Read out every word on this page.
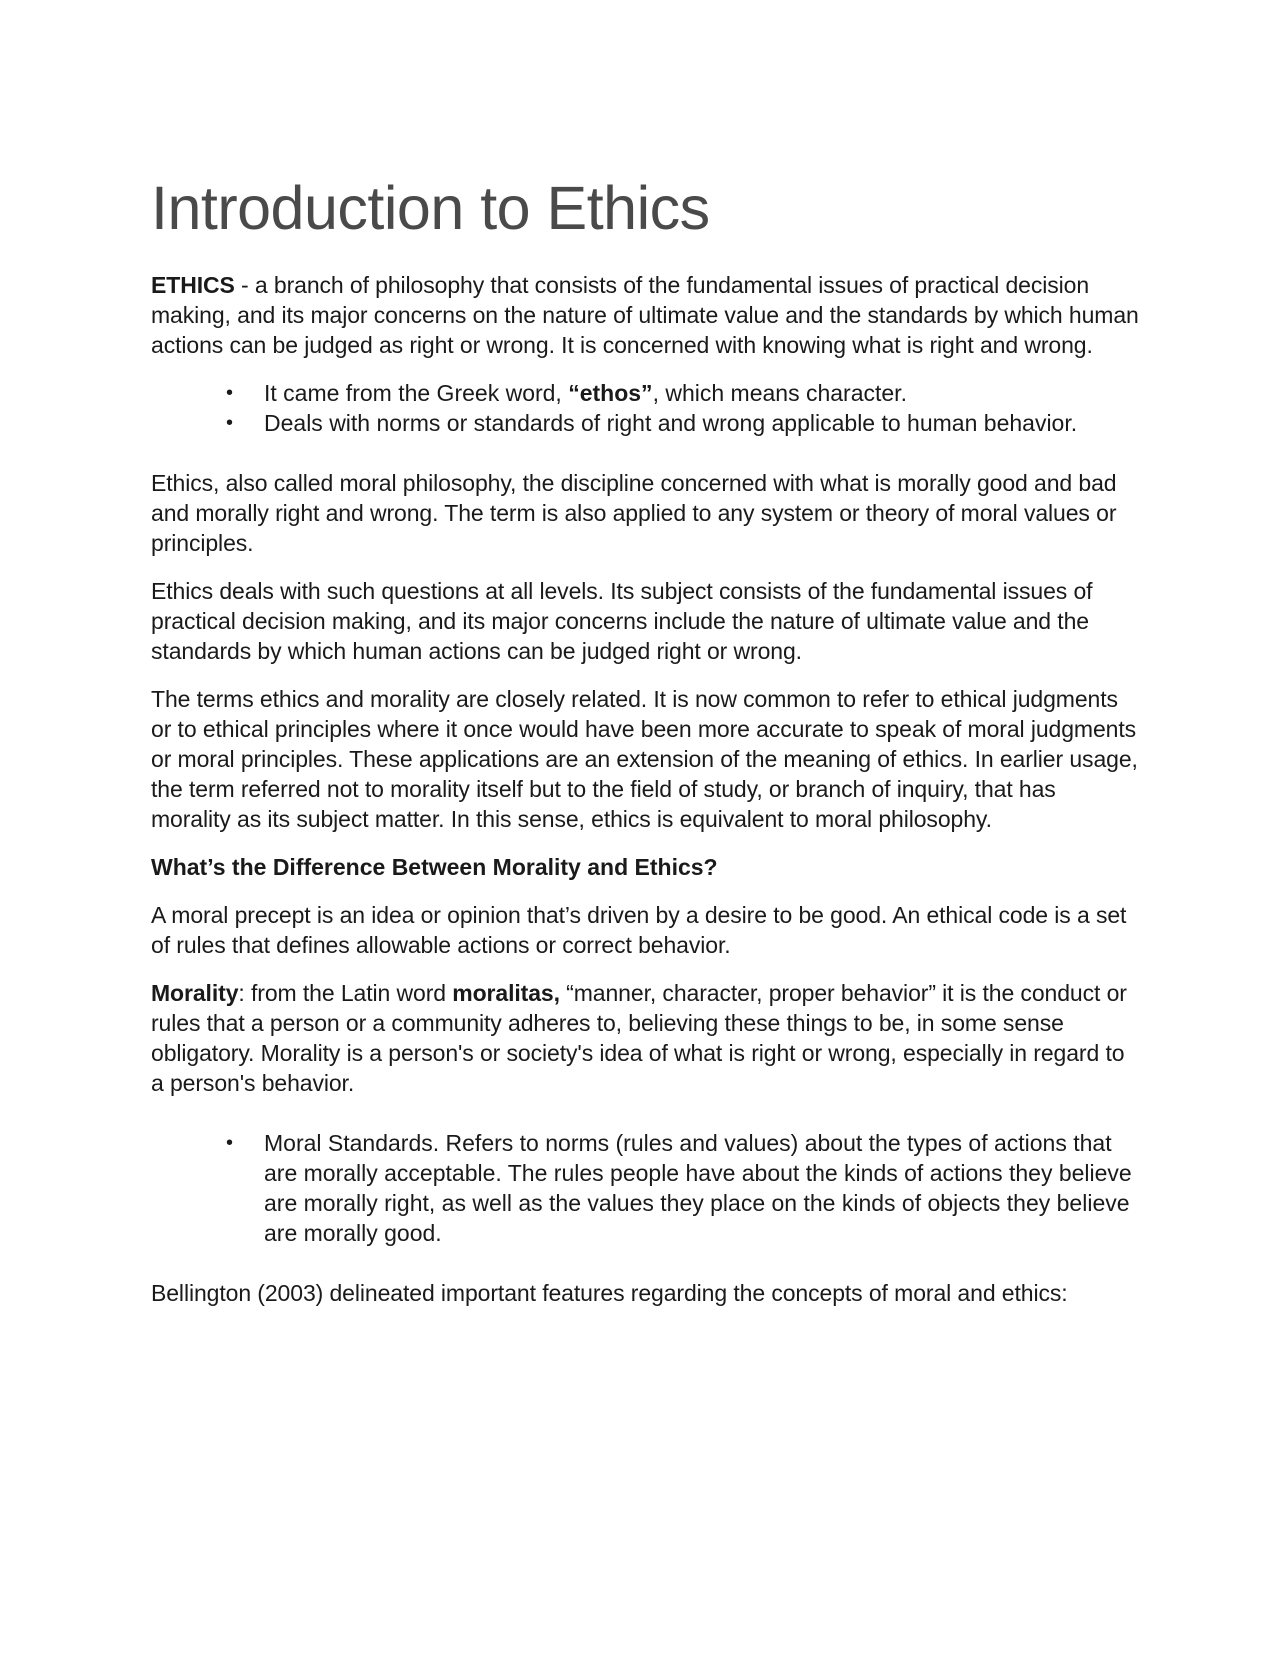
Introduction to Ethics

ETHICS - a branch of philosophy that consists of the fundamental issues of practical decision making, and its major concerns on the nature of ultimate value and the standards by which human actions can be judged as right or wrong. It is concerned with knowing what is right and wrong.

• It came from the Greek word, “ethos”, which means character.
• Deals with norms or standards of right and wrong applicable to human behavior.

Ethics, also called moral philosophy, the discipline concerned with what is morally good and bad and morally right and wrong. The term is also applied to any system or theory of moral values or principles.

Ethics deals with such questions at all levels. Its subject consists of the fundamental issues of practical decision making, and its major concerns include the nature of ultimate value and the standards by which human actions can be judged right or wrong.

The terms ethics and morality are closely related. It is now common to refer to ethical judgments or to ethical principles where it once would have been more accurate to speak of moral judgments or moral principles. These applications are an extension of the meaning of ethics. In earlier usage, the term referred not to morality itself but to the field of study, or branch of inquiry, that has morality as its subject matter. In this sense, ethics is equivalent to moral philosophy.

What’s the Difference Between Morality and Ethics?

A moral precept is an idea or opinion that’s driven by a desire to be good. An ethical code is a set of rules that defines allowable actions or correct behavior.

Morality: from the Latin word moralitas, “manner, character, proper behavior” it is the conduct or rules that a person or a community adheres to, believing these things to be, in some sense obligatory. Morality is a person's or society's idea of what is right or wrong, especially in regard to a person's behavior.

• Moral Standards. Refers to norms (rules and values) about the types of actions that are morally acceptable. The rules people have about the kinds of actions they believe are morally right, as well as the values they place on the kinds of objects they believe are morally good.

Bellington (2003) delineated important features regarding the concepts of moral and ethics:
